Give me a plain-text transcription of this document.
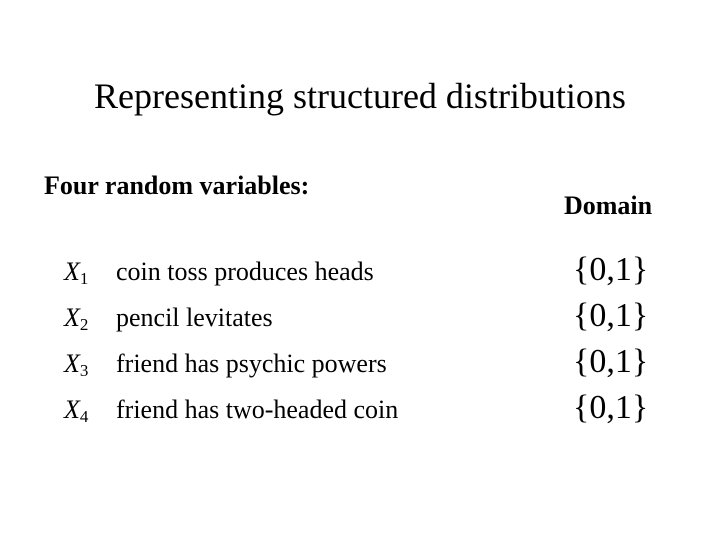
Representing structured distributions
Four random variables:
Domain
$X_1$ coin toss produces heads
$X_2$ pencil levitates
$X_3$ friend has psychic powers
$X_4$ friend has two-headed coin
{0,1}
{0,1}
{0,1}
{0,1}
